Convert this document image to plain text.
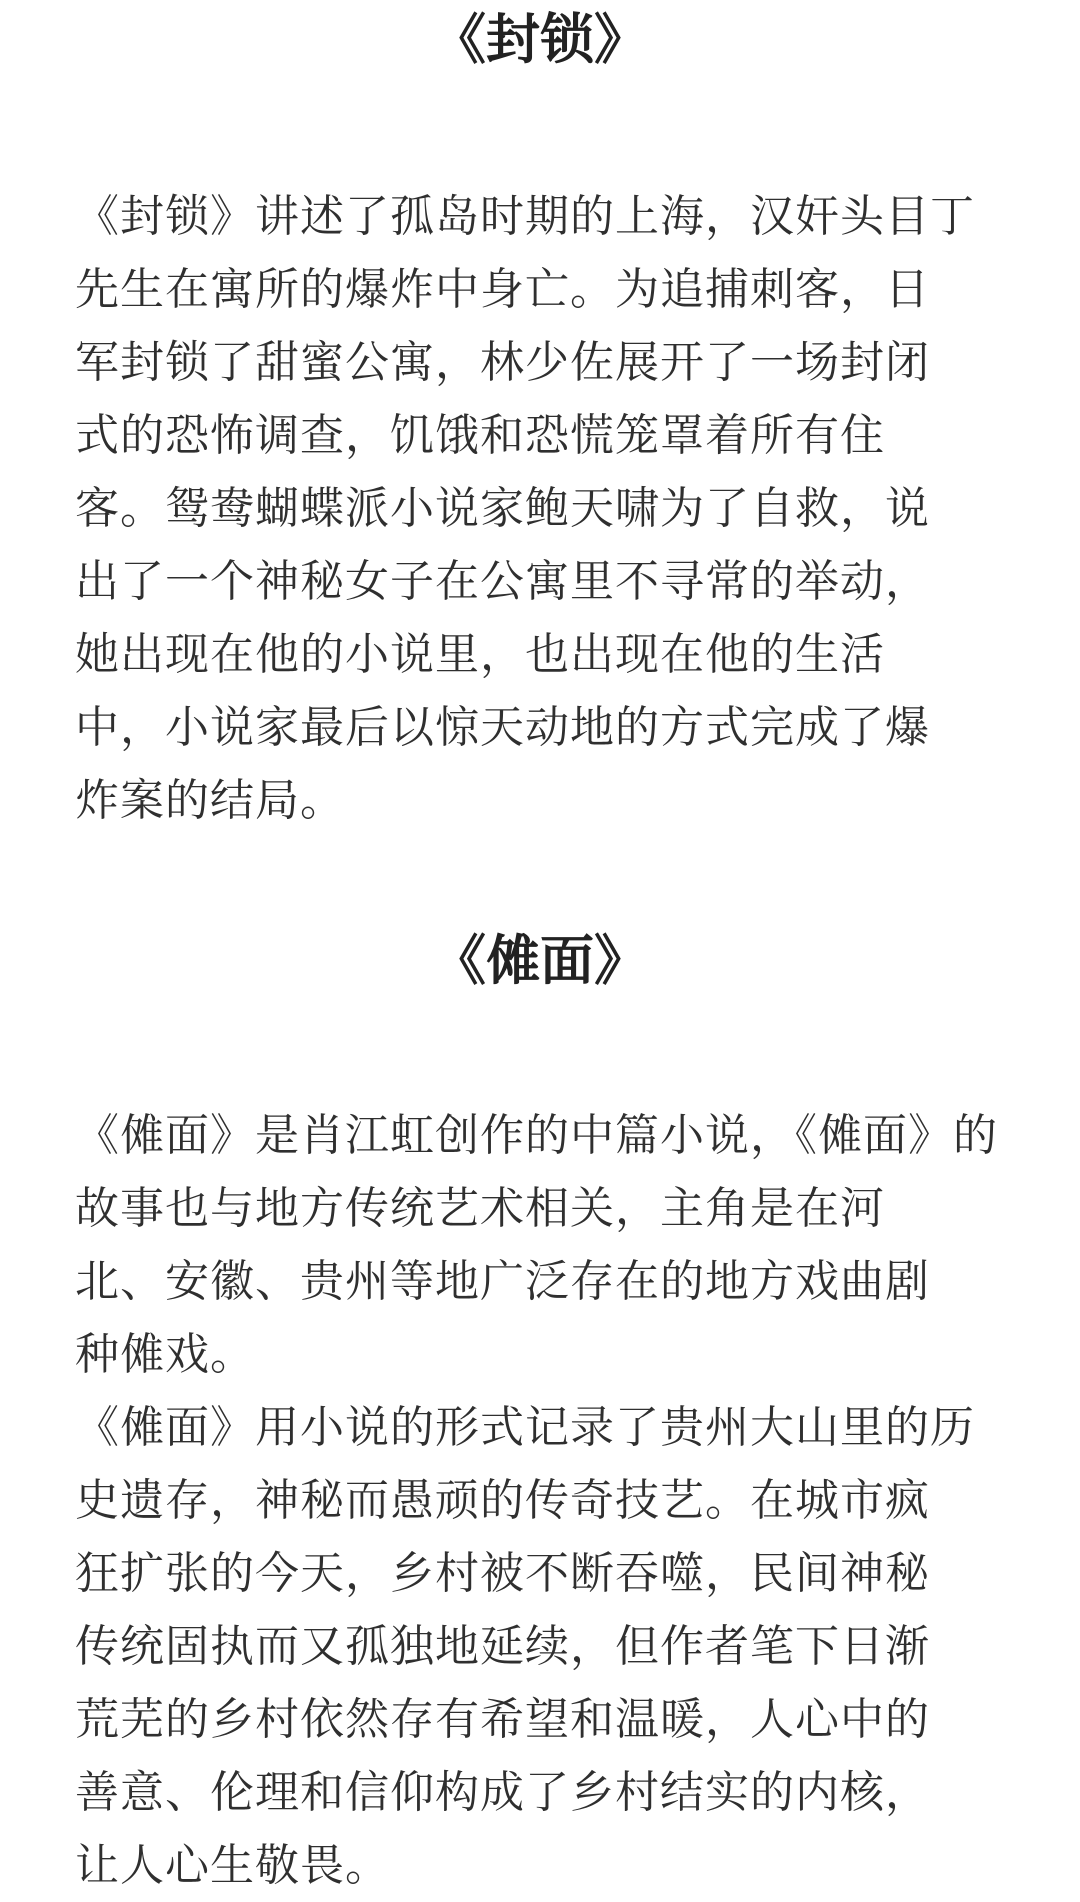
《封锁》

《封锁》讲述了孤岛时期的上海，汉奸头目丁
先生在寓所的爆炸中身亡。为追捕刺客，日
军封锁了甜蜜公寓，林少佐展开了一场封闭
式的恐怖调查，饥饿和恐慌笼罩着所有住
客。鸳鸯蝴蝶派小说家鲍天啸为了自救，说
出了一个神秘女子在公寓里不寻常的举动，
她出现在他的小说里，也出现在他的生活
中，小说家最后以惊天动地的方式完成了爆
炸案的结局。

《傩面》

《傩面》是肖江虹创作的中篇小说，《傩面》的
故事也与地方传统艺术相关，主角是在河
北、安徽、贵州等地广泛存在的地方戏曲剧
种傩戏。

《傩面》用小说的形式记录了贵州大山里的历
史遗存，神秘而愚顽的传奇技艺。在城市疯
狂扩张的今天，乡村被不断吞噬，民间神秘
传统固执而又孤独地延续，但作者笔下日渐
荒芜的乡村依然存有希望和温暖，人心中的
善意、伦理和信仰构成了乡村结实的内核，
让人心生敬畏。
